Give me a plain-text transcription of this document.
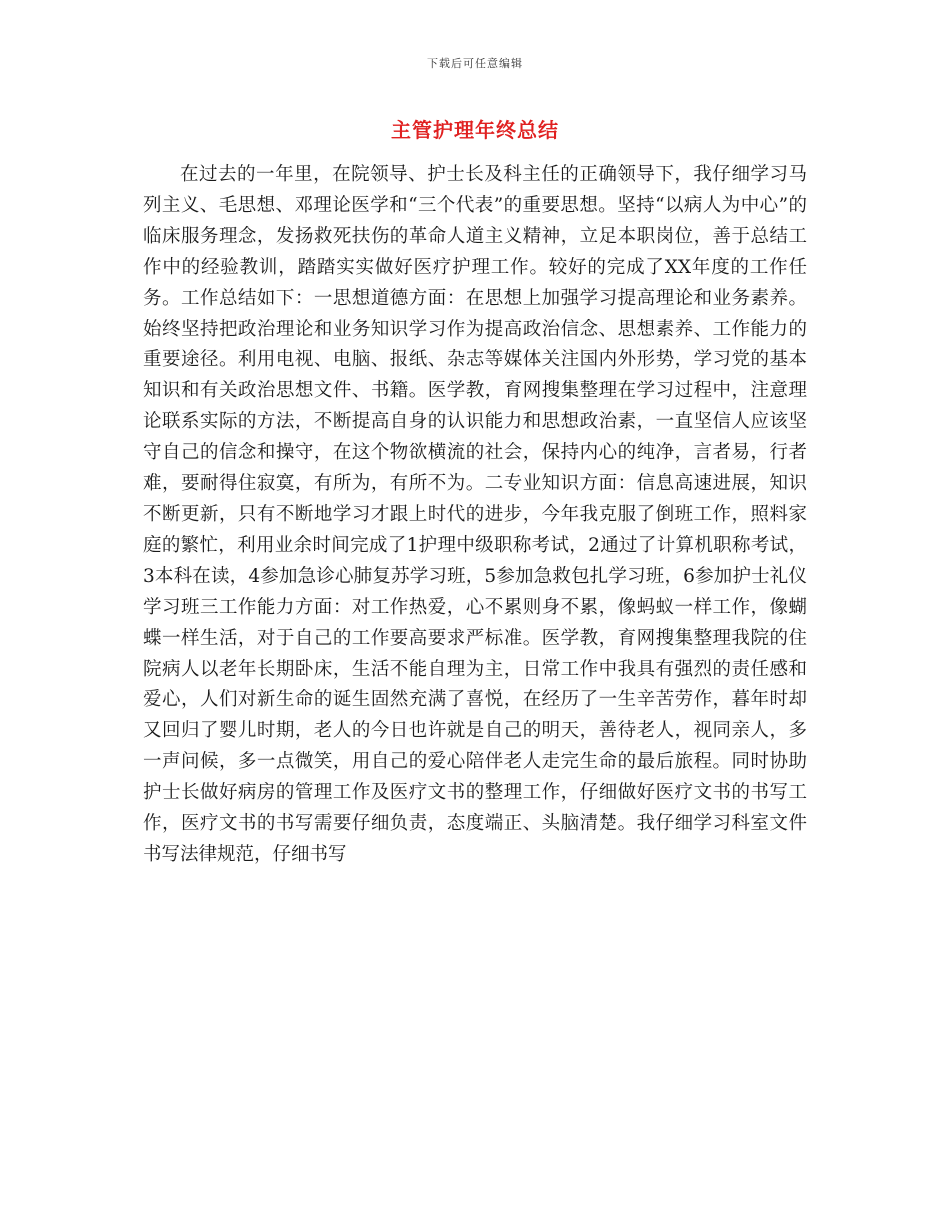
下载后可任意编辑
主管护理年终总结

在过去的一年里，在院领导、护士长及科主任的正确领导下，我仔细学习马列主义、毛思想、邓理论医学和“三个代表”的重要思想。坚持“以病人为中心”的临床服务理念，发扬救死扶伤的革命人道主义精神，立足本职岗位，善于总结工作中的经验教训，踏踏实实做好医疗护理工作。较好的完成了XX年度的工作任务。工作总结如下：一思想道德方面：在思想上加强学习提高理论和业务素养。始终坚持把政治理论和业务知识学习作为提高政治信念、思想素养、工作能力的重要途径。利用电视、电脑、报纸、杂志等媒体关注国内外形势，学习党的基本知识和有关政治思想文件、书籍。医学教，育网搜集整理在学习过程中，注意理论联系实际的方法，不断提高自身的认识能力和思想政治素，一直坚信人应该坚守自己的信念和操守，在这个物欲横流的社会，保持内心的纯净，言者易，行者难，要耐得住寂寞，有所为，有所不为。二专业知识方面：信息高速进展，知识不断更新，只有不断地学习才跟上时代的进步，今年我克服了倒班工作，照料家庭的繁忙，利用业余时间完成了1护理中级职称考试，2通过了计算机职称考试，3本科在读，4参加急诊心肺复苏学习班，5参加急救包扎学习班，6参加护士礼仪学习班三工作能力方面：对工作热爱，心不累则身不累，像蚂蚁一样工作，像蝴蝶一样生活，对于自己的工作要高要求严标准。医学教，育网搜集整理我院的住院病人以老年长期卧床，生活不能自理为主，日常工作中我具有强烈的责任感和爱心，人们对新生命的诞生固然充满了喜悦，在经历了一生辛苦劳作，暮年时却又回归了婴儿时期，老人的今日也许就是自己的明天，善待老人，视同亲人，多一声问候，多一点微笑，用自己的爱心陪伴老人走完生命的最后旅程。同时协助护士长做好病房的管理工作及医疗文书的整理工作，仔细做好医疗文书的书写工作，医疗文书的书写需要仔细负责，态度端正、头脑清楚。我仔细学习科室文件书写法律规范，仔细书写
